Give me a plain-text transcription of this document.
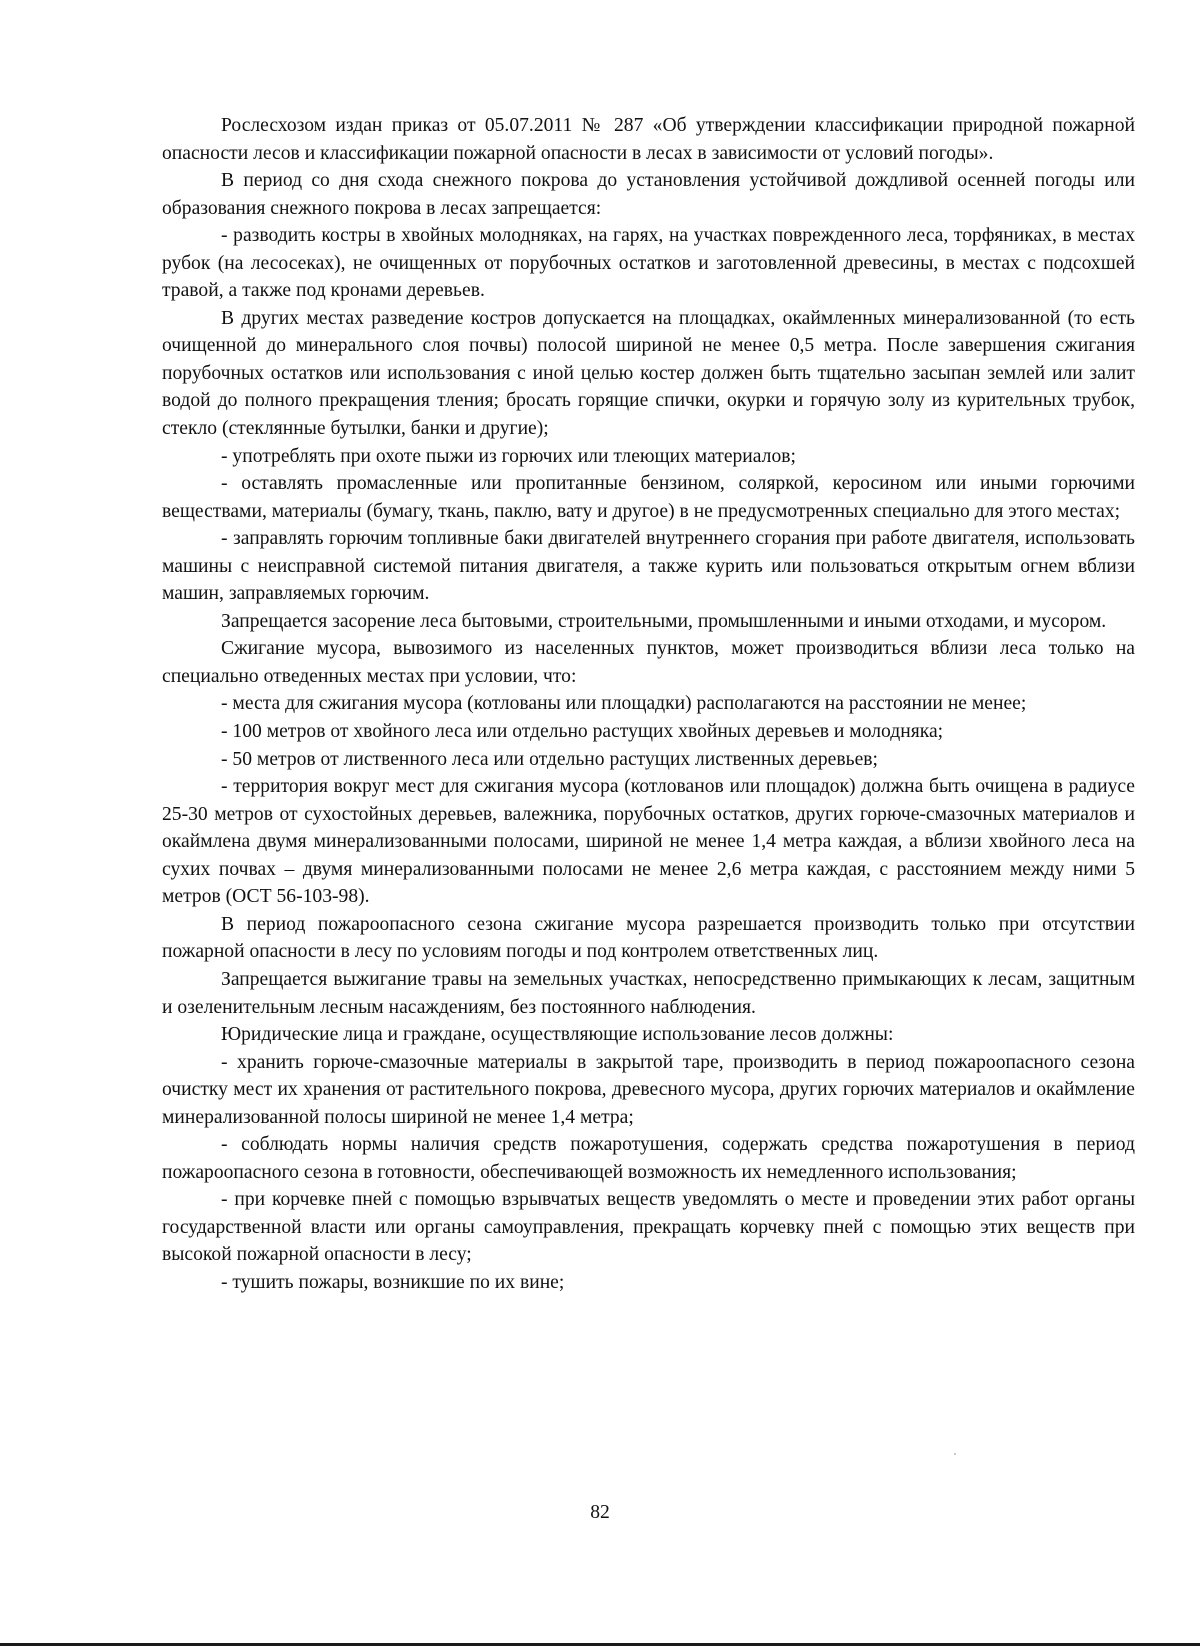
Рослесхозом издан приказ от 05.07.2011 № 287 «Об утверждении классификации природной пожарной опасности лесов и классификации пожарной опасности в лесах в зависимости от условий погоды».

В период со дня схода снежного покрова до установления устойчивой дождливой осенней погоды или образования снежного покрова в лесах запрещается:

- разводить костры в хвойных молодняках, на гарях, на участках поврежденного леса, торфяниках, в местах рубок (на лесосеках), не очищенных от порубочных остатков и заготовленной древесины, в местах с подсохшей травой, а также под кронами деревьев.

В других местах разведение костров допускается на площадках, окаймленных минерализованной (то есть очищенной до минерального слоя почвы) полосой шириной не менее 0,5 метра. После завершения сжигания порубочных остатков или использования с иной целью костер должен быть тщательно засыпан землей или залит водой до полного прекращения тления; бросать горящие спички, окурки и горячую золу из курительных трубок, стекло (стеклянные бутылки, банки и другие);

- употреблять при охоте пыжи из горючих или тлеющих материалов;

- оставлять промасленные или пропитанные бензином, соляркой, керосином или иными горючими веществами, материалы (бумагу, ткань, паклю, вату и другое) в не предусмотренных специально для этого местах;

- заправлять горючим топливные баки двигателей внутреннего сгорания при работе двигателя, использовать машины с неисправной системой питания двигателя, а также курить или пользоваться открытым огнем вблизи машин, заправляемых горючим.

Запрещается засорение леса бытовыми, строительными, промышленными и иными отходами, и мусором.

Сжигание мусора, вывозимого из населенных пунктов, может производиться вблизи леса только на специально отведенных местах при условии, что:

- места для сжигания мусора (котлованы или площадки) располагаются на расстоянии не менее;

- 100 метров от хвойного леса или отдельно растущих хвойных деревьев и молодняка;

- 50 метров от лиственного леса или отдельно растущих лиственных деревьев;

- территория вокруг мест для сжигания мусора (котлованов или площадок) должна быть очищена в радиусе 25-30 метров от сухостойных деревьев, валежника, порубочных остатков, других горюче-смазочных материалов и окаймлена двумя минерализованными полосами, шириной не менее 1,4 метра каждая, а вблизи хвойного леса на сухих почвах – двумя минерализованными полосами не менее 2,6 метра каждая, с расстоянием между ними 5 метров (ОСТ 56-103-98).

В период пожароопасного сезона сжигание мусора разрешается производить только при отсутствии пожарной опасности в лесу по условиям погоды и под контролем ответственных лиц.

Запрещается выжигание травы на земельных участках, непосредственно примыкающих к лесам, защитным и озеленительным лесным насаждениям, без постоянного наблюдения.

Юридические лица и граждане, осуществляющие использование лесов должны:

- хранить горюче-смазочные материалы в закрытой таре, производить в период пожароопасного сезона очистку мест их хранения от растительного покрова, древесного мусора, других горючих материалов и окаймление минерализованной полосы шириной не менее 1,4 метра;

- соблюдать нормы наличия средств пожаротушения, содержать средства пожаротушения в период пожароопасного сезона в готовности, обеспечивающей возможность их немедленного использования;

- при корчевке пней с помощью взрывчатых веществ уведомлять о месте и проведении этих работ органы государственной власти или органы самоуправления, прекращать корчевку пней с помощью этих веществ при высокой пожарной опасности в лесу;

- тушить пожары, возникшие по их вине;

82
